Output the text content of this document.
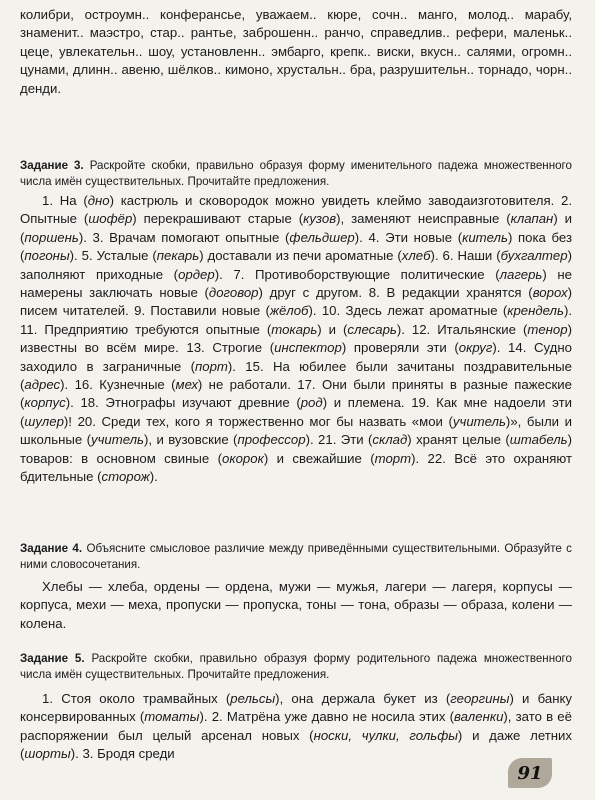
колибри, остроумн.. конферансье, уважаем.. кюре, сочн.. манго, молод.. марабу, знаменит.. маэстро, стар.. рантье, заброшенн.. ранчо, справедлив.. рефери, маленьк.. цеце, увлекательн.. шоу, установленн.. эмбарго, крепк.. виски, вкусн.. салями, огромн.. цунами, длинн.. авеню, шёлков.. кимоно, хрустальн.. бра, разрушительн.. торнадо, чорн.. денди.

Задание 3. Раскройте скобки, правильно образуя форму именительного падежа множественного числа имён существительных. Прочитайте предложения.

1. На (дно) кастрюль и сковородок можно увидеть клеймо заводаизготовителя. 2. Опытные (шофёр) перекрашивают старые (кузов), заменяют неисправные (клапан) и (поршень). 3. Врачам помогают опытные (фельдшер). 4. Эти новые (китель) пока без (погоны). 5. Усталые (пекарь) доставали из печи ароматные (хлеб). 6. Наши (бухгалтер) заполняют приходные (ордер). 7. Противоборствующие политические (лагерь) не намерены заключать новые (договор) друг с другом. 8. В редакции хранятся (ворох) писем читателей. 9. Поставили новые (жёлоб). 10. Здесь лежат ароматные (крендель). 11. Предприятию требуются опытные (токарь) и (слесарь). 12. Итальянские (тенор) известны во всём мире. 13. Строгие (инспектор) проверяли эти (округ). 14. Судно заходило в заграничные (порт). 15. На юбилее были зачитаны поздравительные (адрес). 16. Кузнечные (мех) не работали. 17. Они были приняты в разные пажеские (корпус). 18. Этнографы изучают древние (род) и племена. 19. Как мне надоели эти (шулер)! 20. Среди тех, кого я торжественно мог бы назвать «мои (учитель)», были и школьные (учитель), и вузовские (профессор). 21. Эти (склад) хранят целые (штабель) товаров: в основном свиные (окорок) и свежайшие (торт). 22. Всё это охраняют бдительные (сторож).

Задание 4. Объясните смысловое различие между приведёнными существительными. Образуйте с ними словосочетания.

Хлебы — хлеба, ордены — ордена, мужи — мужья, лагери — лагеря, корпусы — корпуса, мехи — меха, пропуски — пропуска, тоны — тона, образы — образа, колени — колена.

Задание 5. Раскройте скобки, правильно образуя форму родительного падежа множественного числа имён существительных. Прочитайте предложения.

1. Стоя около трамвайных (рельсы), она держала букет из (георгины) и банку консервированных (томаты). 2. Матрёна уже давно не носила этих (валенки), зато в её распоряжении был целый арсенал новых (носки, чулки, гольфы) и даже летних (шорты). 3. Бродя среди

91
